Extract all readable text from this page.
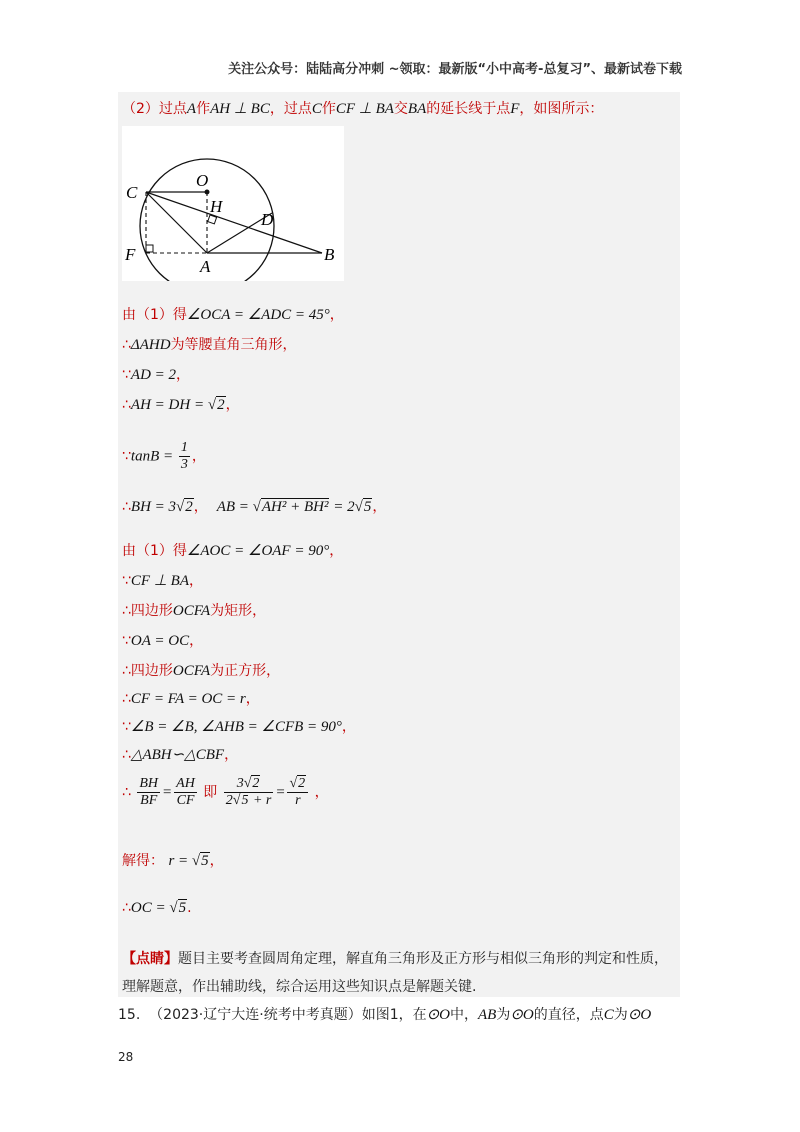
关注公众号：陆陆高分冲刺 ~领取：最新版“小中高考-总复习”、最新试卷下载
（2）过点A作AH ⊥ BC，过点C作CF ⊥ BA交BA的延长线于点F，如图所示：
C
O
H
D
F
A
B
由（1）得∠OCA = ∠ADC = 45°，
∴ΔAHD为等腰直角三角形，
∵AD = 2，
∴AH = DH = √2，
∵tanB = $\frac{1}{3}$ ，
∴BH = 3√2， AB = √AH² + BH² = 2√5，
由（1）得∠AOC = ∠OAF = 90°，
∵CF ⊥ BA，
∴四边形OCFA为矩形，
∵OA = OC，
∴四边形OCFA为正方形，
∴CF = FA = OC = r，
∵∠B = ∠B, ∠AHB = ∠CFB = 90°，
∴△ABH∽△CBF，
∴ $\frac{BH}{BF} = \frac{AH}{CF}$ 即 $\frac{3√2}{2√5 + r} = \frac{√2}{r}$ ，
解得： r = √5，
∴OC = √5.
【点睛】题目主要考查圆周角定理，解直角三角形及正方形与相似三角形的判定和性质，
理解题意，作出辅助线，综合运用这些知识点是解题关键.
15. （2023·辽宁大连·统考中考真题）如图1，在⊙O中，AB为⊙O的直径，点C为⊙O
28
